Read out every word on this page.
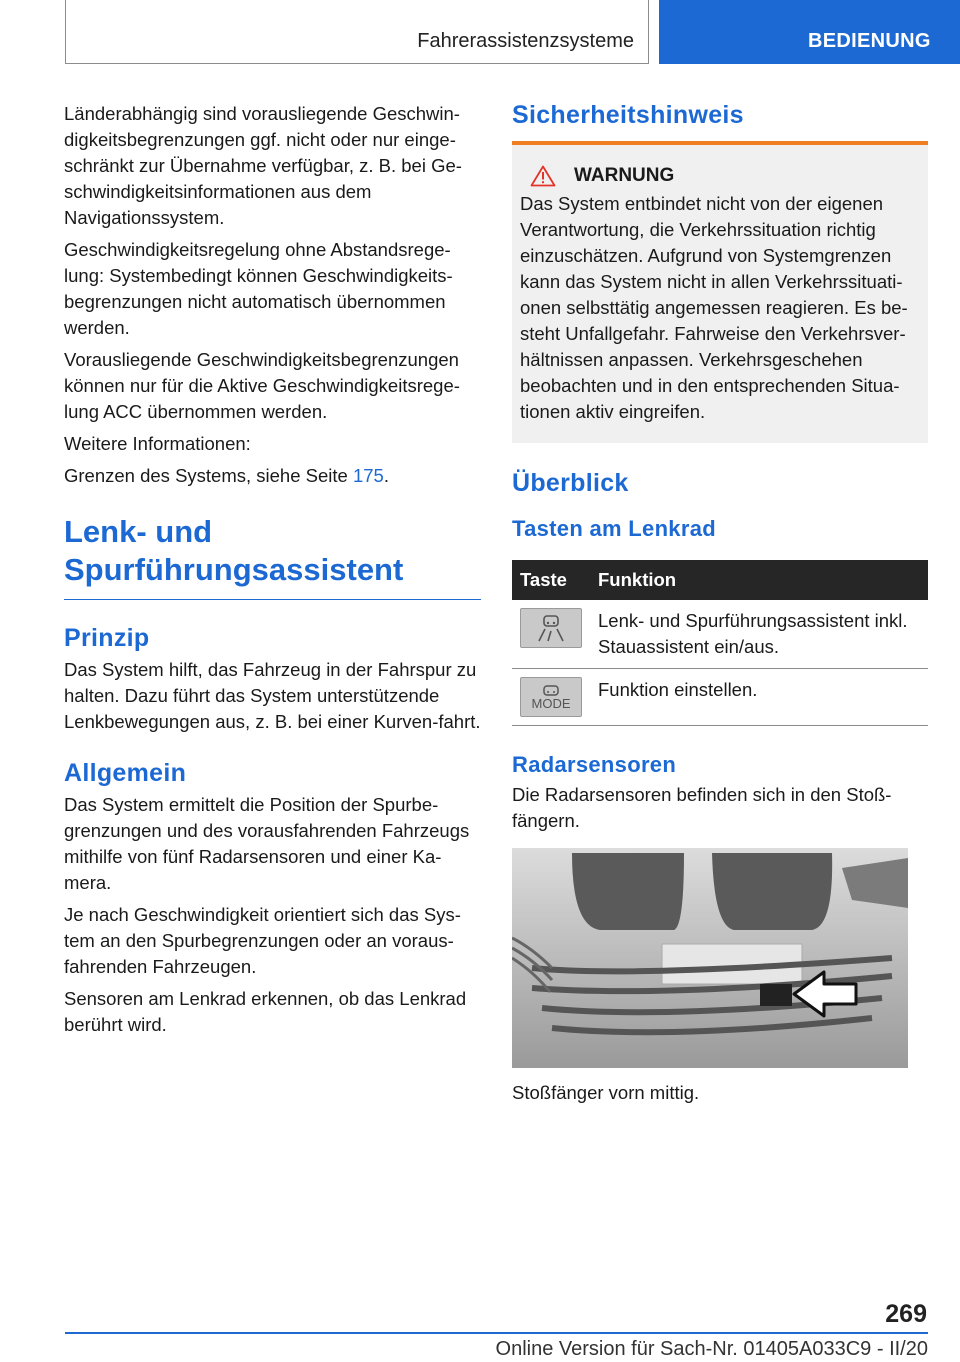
Fahrerassistenzsysteme	BEDIENUNG

Länderabhängig sind vorausliegende Geschwin-digkeitsbegrenzungen ggf. nicht oder nur einge-schränkt zur Übernahme verfügbar, z. B. bei Ge-schwindigkeitsinformationen aus dem Navigationssystem.

Geschwindigkeitsregelung ohne Abstandsrege-lung: Systembedingt können Geschwindigkeits-begrenzungen nicht automatisch übernommen werden.

Vorausliegende Geschwindigkeitsbegrenzungen können nur für die Aktive Geschwindigkeitsrege-lung ACC übernommen werden.

Weitere Informationen:

Grenzen des Systems, siehe Seite 175.

Lenk- und
Spurführungsassistent
Prinzip

Das System hilft, das Fahrzeug in der Fahrspur zu halten. Dazu führt das System unterstützende Lenkbewegungen aus, z. B. bei einer Kurven-fahrt.

Allgemein

Das System ermittelt die Position der Spurbe-grenzungen und des vorausfahrenden Fahrzeugs mithilfe von fünf Radarsensoren und einer Ka-mera.

Je nach Geschwindigkeit orientiert sich das Sys-tem an den Spurbegrenzungen oder an voraus-fahrenden Fahrzeugen.

Sensoren am Lenkrad erkennen, ob das Lenkrad berührt wird.

Sicherheitshinweis
WARNUNG

Das System entbindet nicht von der eigenen Verantwortung, die Verkehrssituation richtig einzuschätzen. Aufgrund von Systemgrenzen kann das System nicht in allen Verkehrssituati-onen selbsttätig angemessen reagieren. Es be-steht Unfallgefahr. Fahrweise den Verkehrsver-hältnissen anpassen. Verkehrsgeschehen beobachten und in den entsprechenden Situa-tionen aktiv eingreifen.

Überblick
Tasten am Lenkrad
Taste	Funktion

	Lenk- und Spurführungsassistent inkl. Stauassistent ein/aus.

MODE	Funktion einstellen.
Radarsensoren

Die Radarsensoren befinden sich in den Stoß-fängern.

Stoßfänger vorn mittig.

269
Online Version für Sach-Nr. 01405A033C9 - II/20
